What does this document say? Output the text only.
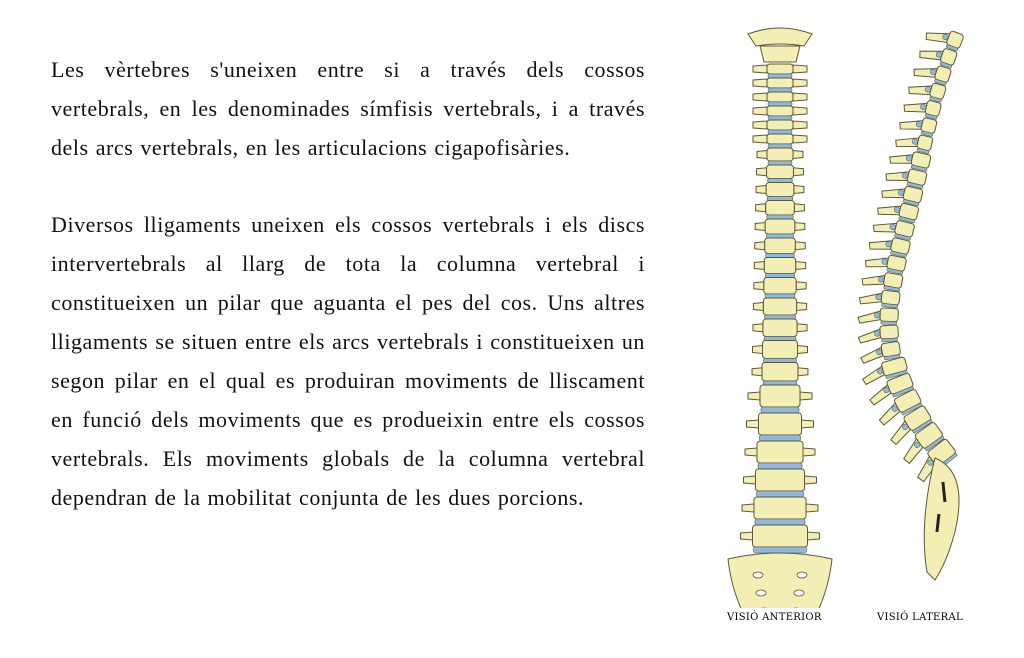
Les vèrtebres s'uneixen entre si a través dels cossos vertebrals, en les denominades símfisis vertebrals, i a través dels arcs vertebrals, en les articulacions cigapofisàries.

Diversos lligaments uneixen els cossos vertebrals i els discs intervertebrals al llarg de tota la columna vertebral i constitueixen un pilar que aguanta el pes del cos. Uns altres lligaments se situen entre els arcs vertebrals i constitueixen un segon pilar en el qual es produiran moviments de lliscament en funció dels moviments que es produeixin entre els cossos vertebrals. Els moviments globals de la columna vertebral dependran de la mobilitat conjunta de les dues porcions.

VISIÓ ANTERIOR	VISIÓ LATERAL
